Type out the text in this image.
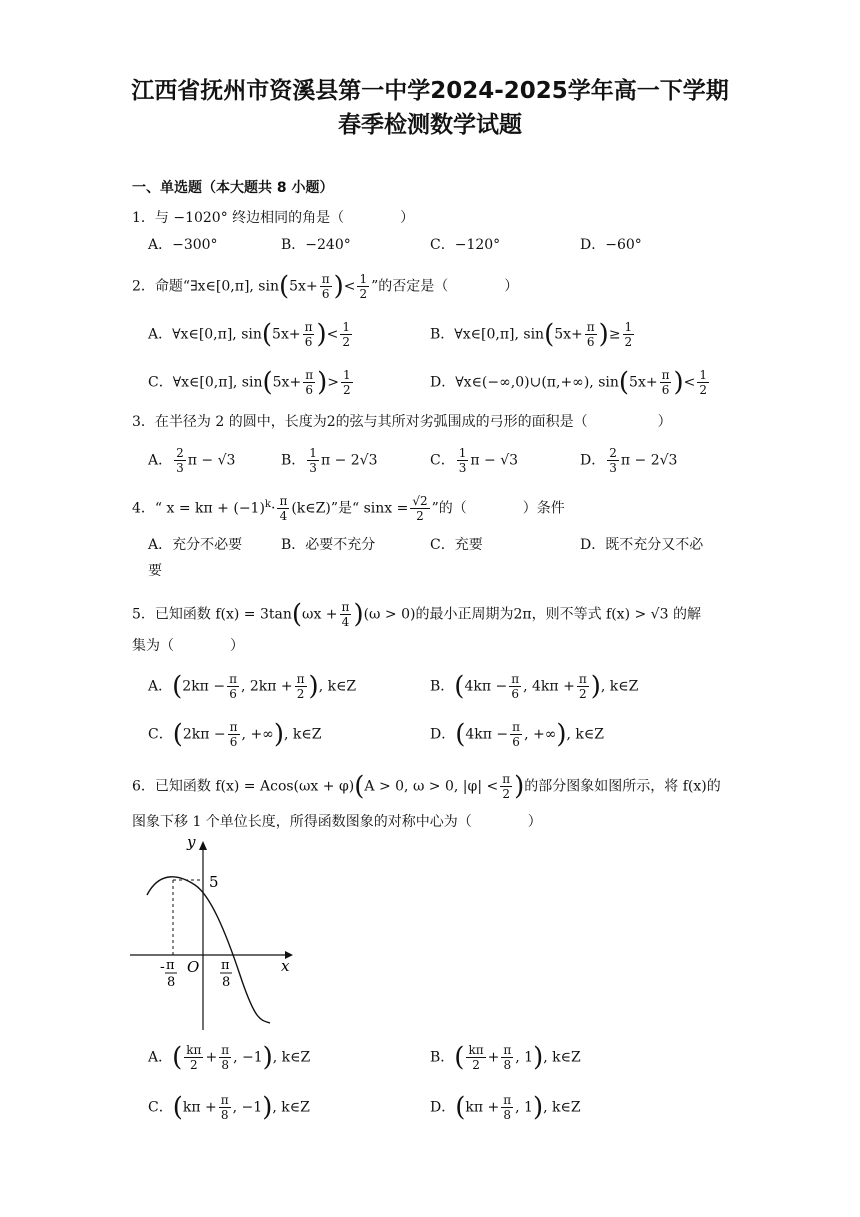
江西省抚州市资溪县第一中学2024-2025学年高一下学期
春季检测数学试题
一、单选题（本大题共 8 小题）
1．与 −1020° 终边相同的角是（　　　　）
A．−300°	B．−240°	C．−120°	D．−60°
2．命题“∃x∈[0,π], $\sin(5x+ \frac{\pi}{6}$ )< $\frac{1}{2}$ ”的否定是（　　　　）
A．∀x∈[0,π], $\sin(5x+ \frac{\pi}{6}$ )< $\frac{1}{2}$	B．∀x∈[0,π], $\sin(5x+ \frac{\pi}{6}$ )≥ $\frac{1}{2}$
C．∀x∈[0,π], $\sin(5x+ \frac{\pi}{6}$ )> $\frac{1}{2}$	D．∀x∈(−∞,0)∪(π,+∞), $\sin(5x+ \frac{\pi}{6}$ )< $\frac{1}{2}$
3．在半径为 2 的圆中，长度为2的弦与其所对劣弧围成的弓形的面积是（　　　　　）
A． $\frac{2}{3}$ π − √3	B． $\frac{1}{3}$ π − 2√3	C． $\frac{1}{3}$ π − √3	D． $\frac{2}{3}$ π − 2√3
4．“ $x = k\pi + (-1)^k\cdot \frac{\pi}{4}$ (k∈Z)”是“ $\sin x = \frac{√2}{2}$ ”的（　　　　）条件
A．充分不必要	B．必要不充分	C．充要	D．既不充分又不必
要
5．已知函数 $f(x) = 3\tan(\omega x + \frac{\pi}{4} )(\omega > 0)$的最小正周期为2π，则不等式 f(x) > √3 的解
集为（　　　　）
A．($2k\pi - \frac{\pi}{6}$ , $2k\pi + \frac{\pi}{2}$ ), k∈Z	B．($4k\pi - \frac{\pi}{6}$ , $4k\pi + \frac{\pi}{2}$ ), k∈Z
C．($2k\pi - \frac{\pi}{6}$ , +∞), k∈Z	D．($4k\pi - \frac{\pi}{6}$ , +∞), k∈Z
6．已知函数 f(x) = Acos(ωx + φ)(A > 0, ω > 0, $|\varphi| < \frac{\pi}{2}$ )的部分图象如图所示，将 f(x)的
图象下移 1 个单位长度，所得函数图象的对称中心为（　　　　）
y
x
5
O
- π
8
π
8
A．( $\frac{k\pi}{2} + \frac{\pi}{8}$ , −1), k∈Z	B．( $\frac{k\pi}{2} + \frac{\pi}{8}$ , 1), k∈Z
C．($k\pi + \frac{\pi}{8}$ , −1), k∈Z	D．($k\pi + \frac{\pi}{8}$ , 1), k∈Z
